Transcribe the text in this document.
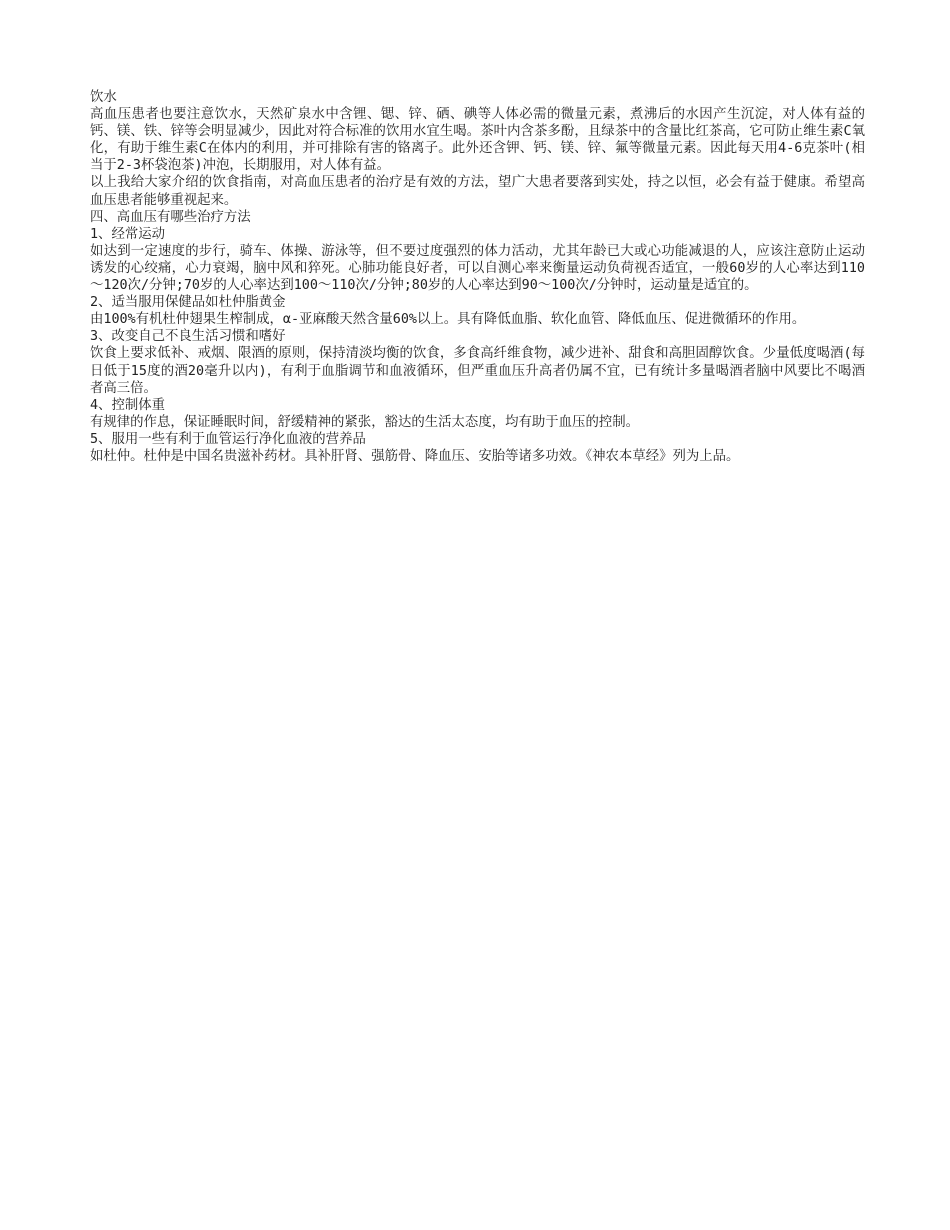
饮水

高血压患者也要注意饮水，天然矿泉水中含锂、锶、锌、硒、碘等人体必需的微量元素，煮沸后的水因产生沉淀，对人体有益的钙、镁、铁、锌等会明显减少，因此对符合标准的饮用水宜生喝。茶叶内含茶多酚，且绿茶中的含量比红茶高，它可防止维生素C氧化，有助于维生素C在体内的利用，并可排除有害的铬离子。此外还含钾、钙、镁、锌、氟等微量元素。因此每天用4-6克茶叶(相当于2-3杯袋泡茶)冲泡，长期服用，对人体有益。

以上我给大家介绍的饮食指南，对高血压患者的治疗是有效的方法，望广大患者要落到实处，持之以恒，必会有益于健康。希望高血压患者能够重视起来。

四、高血压有哪些治疗方法

1、经常运动

如达到一定速度的步行，骑车、体操、游泳等，但不要过度强烈的体力活动，尤其年龄已大或心功能减退的人，应该注意防止运动诱发的心绞痛，心力衰竭，脑中风和猝死。心肺功能良好者，可以自测心率来衡量运动负荷视否适宜，一般60岁的人心率达到110～120次/分钟;70岁的人心率达到100～110次/分钟;80岁的人心率达到90～100次/分钟时，运动量是适宜的。

2、适当服用保健品如杜仲脂黄金

由100%有机杜仲翅果生榨制成，α-亚麻酸天然含量60%以上。具有降低血脂、软化血管、降低血压、促进微循环的作用。

3、改变自己不良生活习惯和嗜好

饮食上要求低补、戒烟、限酒的原则，保持清淡均衡的饮食，多食高纤维食物，减少进补、甜食和高胆固醇饮食。少量低度喝酒(每日低于15度的酒20毫升以内)，有利于血脂调节和血液循环，但严重血压升高者仍属不宜，已有统计多量喝酒者脑中风要比不喝酒者高三倍。

4、控制体重

有规律的作息，保证睡眠时间，舒缓精神的紧张，豁达的生活太态度，均有助于血压的控制。

5、服用一些有利于血管运行净化血液的营养品

如杜仲。杜仲是中国名贵滋补药材。具补肝肾、强筋骨、降血压、安胎等诸多功效。《神农本草经》列为上品。
